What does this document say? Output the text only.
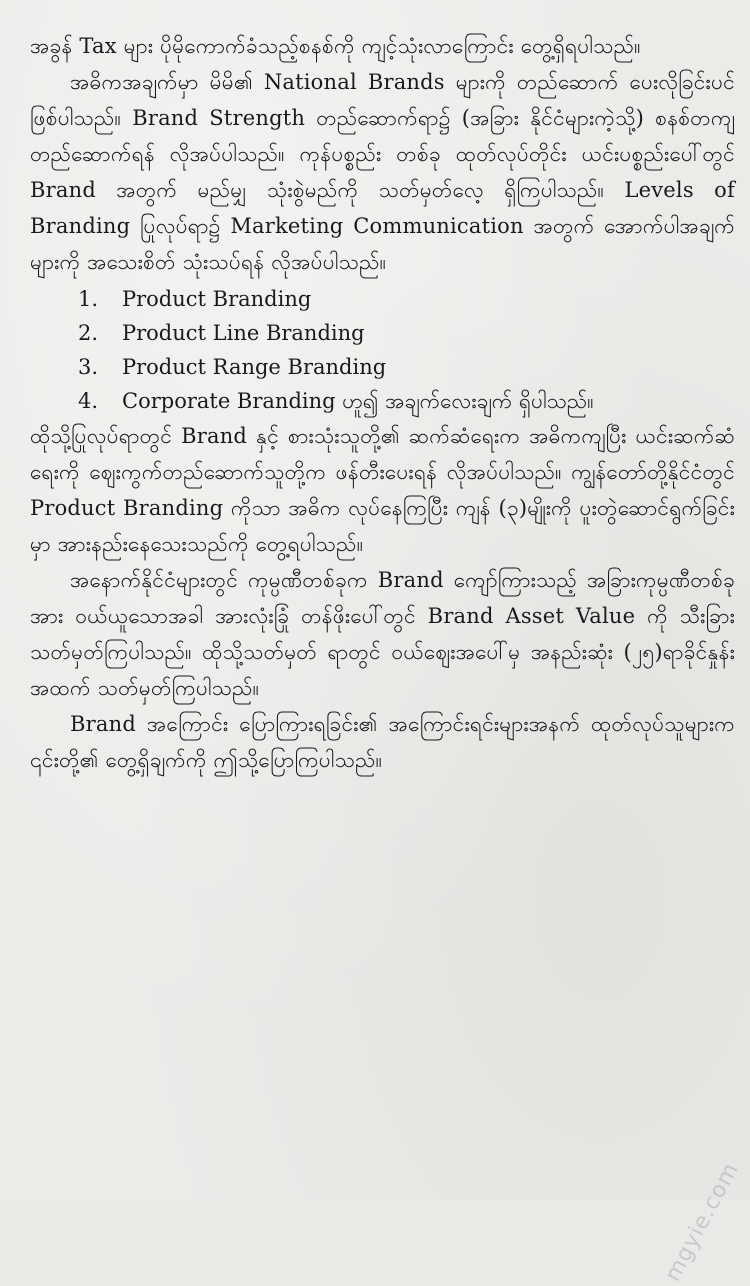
အခွန် Tax များ ပိုမိုကောက်ခံသည့်စနစ်ကို ကျင့်သုံးလာကြောင်း တွေ့ရှိရပါသည်။

အဓိကအချက်မှာ မိမိ၏ National Brands များကို တည်ဆောက် ပေးလိုခြင်းပင် ဖြစ်ပါသည်။ Brand Strength တည်ဆောက်ရာ၌ (အခြား နိုင်ငံများကဲ့သို့) စနစ်တကျ တည်ဆောက်ရန် လိုအပ်ပါသည်။ ကုန်ပစ္စည်း တစ်ခု ထုတ်လုပ်တိုင်း ယင်းပစ္စည်းပေါ်တွင် Brand အတွက် မည်မျှ သုံးစွဲမည်ကို သတ်မှတ်လေ့ ရှိကြပါသည်။ Levels of Branding ပြုလုပ်ရာ၌ Marketing Communication အတွက် အောက်ပါအချက် များကို အသေးစိတ် သုံးသပ်ရန် လိုအပ်ပါသည်။

1.	Product Branding
2.	Product Line Branding
3.	Product Range Branding
4.	Corporate Branding ဟူ၍ အချက်လေးချက် ရှိပါသည်။

ထိုသို့ပြုလုပ်ရာတွင် Brand နှင့် စားသုံးသူတို့၏ ဆက်ဆံရေးက အဓိကကျပြီး ယင်းဆက်ဆံရေးကို ဈေးကွက်တည်ဆောက်သူတို့က ဖန်တီးပေးရန် လိုအပ်ပါသည်။ ကျွန်တော်တို့နိုင်ငံတွင် Product Branding ကိုသာ အဓိက လုပ်နေကြပြီး ကျန် (၃)မျိုးကို ပူးတွဲဆောင်ရွက်ခြင်းမှာ အားနည်းနေသေးသည်ကို တွေ့ရပါသည်။

အနောက်နိုင်ငံများတွင် ကုမ္ပဏီတစ်ခုက Brand ကျော်ကြားသည့် အခြားကုမ္ပဏီတစ်ခုအား ဝယ်ယူသောအခါ အားလုံးခြုံ တန်ဖိုးပေါ်တွင် Brand Asset Value ကို သီးခြားသတ်မှတ်ကြပါသည်။ ထိုသို့သတ်မှတ် ရာတွင် ဝယ်ဈေးအပေါ်မှ အနည်းဆုံး (၂၅)ရာခိုင်နှုန်းအထက် သတ်မှတ်ကြပါသည်။

Brand အကြောင်း ပြောကြားရခြင်း၏ အကြောင်းရင်းများအနက် ထုတ်လုပ်သူများက ၎င်းတို့၏ တွေ့ရှိချက်ကို ဤသို့ပြောကြပါသည်။

mgyie.com
